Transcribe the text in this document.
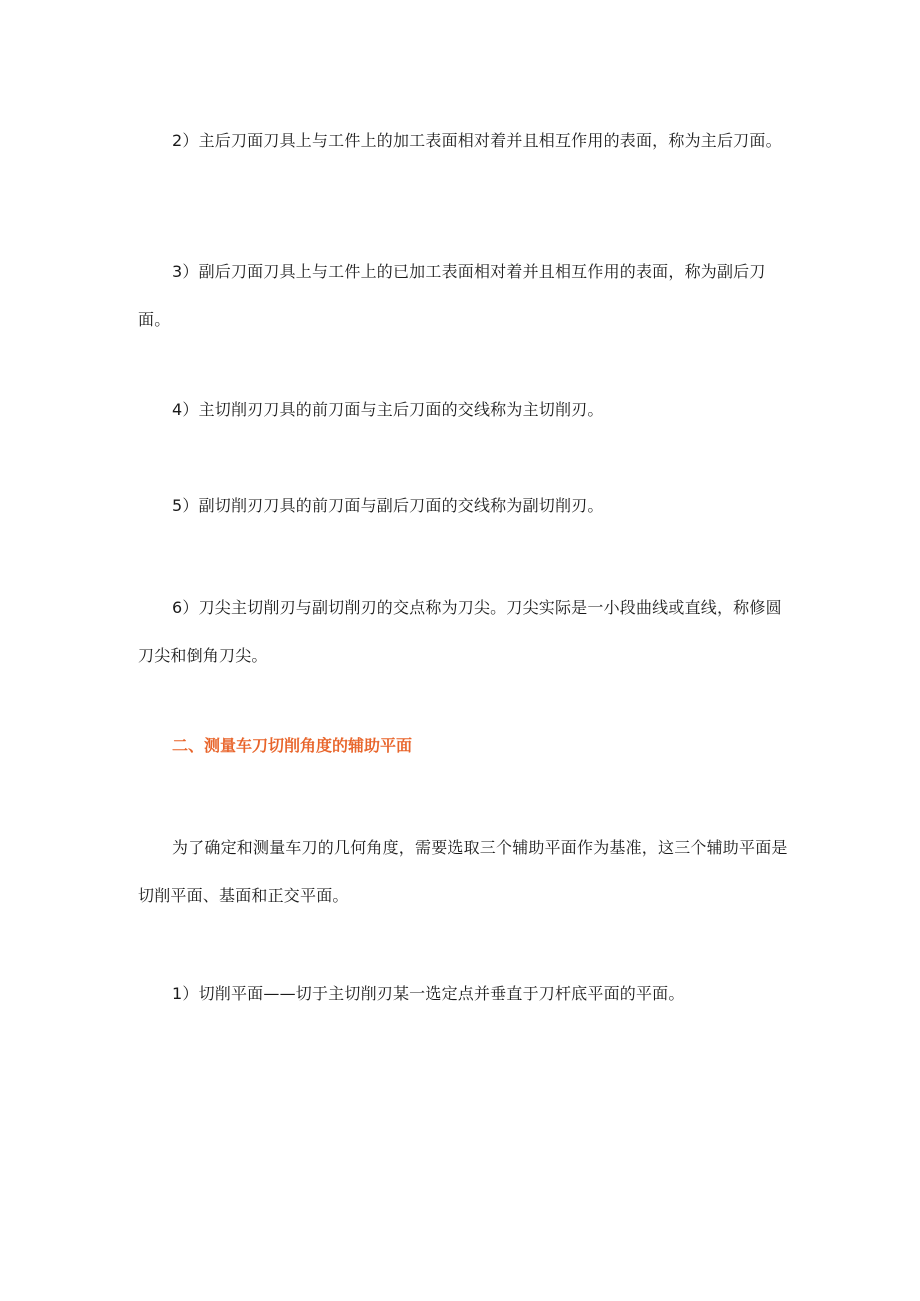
2）主后刀面刀具上与工件上的加工表面相对着并且相互作用的表面，称为主后刀面。

3）副后刀面刀具上与工件上的已加工表面相对着并且相互作用的表面，称为副后刀面。

4）主切削刃刀具的前刀面与主后刀面的交线称为主切削刃。

5）副切削刃刀具的前刀面与副后刀面的交线称为副切削刃。

6）刀尖主切削刃与副切削刃的交点称为刀尖。刀尖实际是一小段曲线或直线，称修圆刀尖和倒角刀尖。

二、测量车刀切削角度的辅助平面

为了确定和测量车刀的几何角度，需要选取三个辅助平面作为基准，这三个辅助平面是切削平面、基面和正交平面。

1）切削平面——切于主切削刃某一选定点并垂直于刀杆底平面的平面。
